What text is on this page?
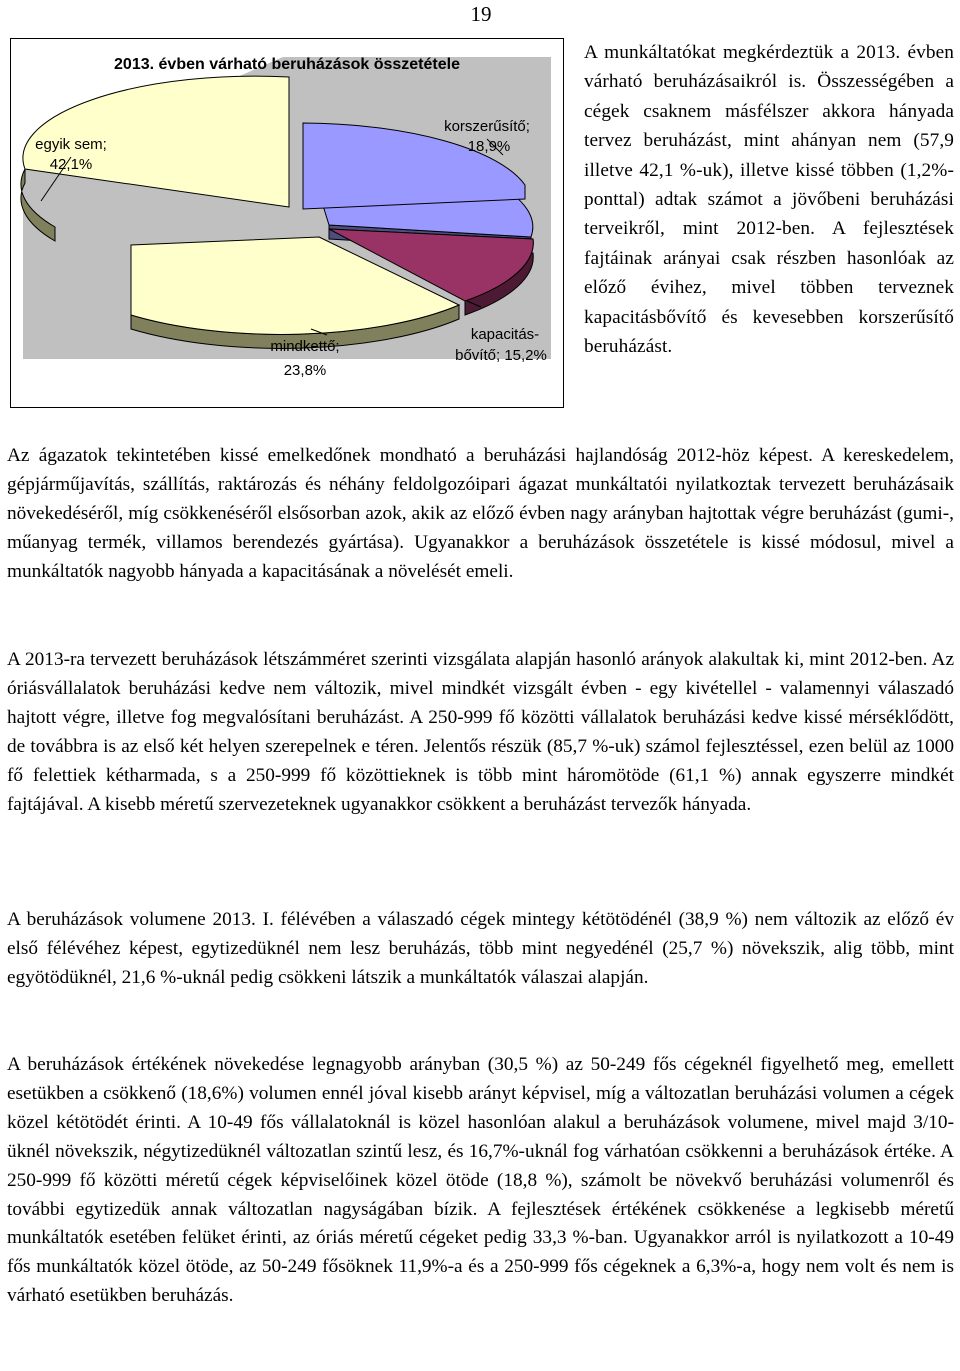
19
2013. évben várható beruházások összetétele
egyik sem;
42,1%
korszerűsítő;
18,9%
kapacitás-
bővítő; 15,2%
mindkettő;
23,8%

A munkáltatókat megkérdeztük a 2013. évben várható beruházásaikról is. Összességében a cégek csaknem másfélszer akkora hányada tervez beruházást, mint ahányan nem (57,9 illetve 42,1 %-uk), illetve kissé többen (1,2%-ponttal) adtak számot a jövőbeni beruházási terveikről, mint 2012-ben. A fejlesztések fajtáinak arányai csak részben hasonlóak az előző évihez, mivel többen terveznek kapacitásbővítő és kevesebben korszerűsítő beruházást.

Az ágazatok tekintetében kissé emelkedőnek mondható a beruházási hajlandóság 2012-höz képest. A kereskedelem, gépjárműjavítás, szállítás, raktározás és néhány feldolgozóipari ágazat munkáltatói nyilatkoztak tervezett beruházásaik növekedéséről, míg csökkenéséről elsősorban azok, akik az előző évben nagy arányban hajtottak végre beruházást (gumi-, műanyag termék, villamos berendezés gyártása). Ugyanakkor a beruházások összetétele is kissé módosul, mivel a munkáltatók nagyobb hányada a kapacitásának a növelését emeli.

A 2013-ra tervezett beruházások létszámméret szerinti vizsgálata alapján hasonló arányok alakultak ki, mint 2012-ben. Az óriásvállalatok beruházási kedve nem változik, mivel mindkét vizsgált évben - egy kivétellel - valamennyi válaszadó hajtott végre, illetve fog megvalósítani beruházást. A 250-999 fő közötti vállalatok beruházási kedve kissé mérséklődött, de továbbra is az első két helyen szerepelnek e téren. Jelentős részük (85,7 %-uk) számol fejlesztéssel, ezen belül az 1000 fő felettiek kétharmada, s a 250-999 fő közöttieknek is több mint háromötöde (61,1 %) annak egyszerre mindkét fajtájával. A kisebb méretű szervezeteknek ugyanakkor csökkent a beruházást tervezők hányada.

A beruházások volumene 2013. I. félévében a válaszadó cégek mintegy kétötödénél (38,9 %) nem változik az előző év első félévéhez képest, egytizedüknél nem lesz beruházás, több mint negyedénél (25,7 %) növekszik, alig több, mint egyötödüknél, 21,6 %-uknál pedig csökkeni látszik a munkáltatók válaszai alapján.

A beruházások értékének növekedése legnagyobb arányban (30,5 %) az 50-249 fős cégeknél figyelhető meg, emellett esetükben a csökkenő (18,6%) volumen ennél jóval kisebb arányt képvisel, míg a változatlan beruházási volumen a cégek közel kétötödét érinti. A 10-49 fős vállalatoknál is közel hasonlóan alakul a beruházások volumene, mivel majd 3/10-üknél növekszik, négytizedüknél változatlan szintű lesz, és 16,7%-uknál fog várhatóan csökkenni a beruházások értéke. A 250-999 fő közötti méretű cégek képviselőinek közel ötöde (18,8 %), számolt be növekvő beruházási volumenről és további egytizedük annak változatlan nagyságában bízik. A fejlesztések értékének csökkenése a legkisebb méretű munkáltatók esetében felüket érinti, az óriás méretű cégeket pedig 33,3 %-ban. Ugyanakkor arról is nyilatkozott a 10-49 fős munkáltatók közel ötöde, az 50-249 fősöknek 11,9%-a és a 250-999 fős cégeknek a 6,3%-a, hogy nem volt és nem is várható esetükben beruházás.
